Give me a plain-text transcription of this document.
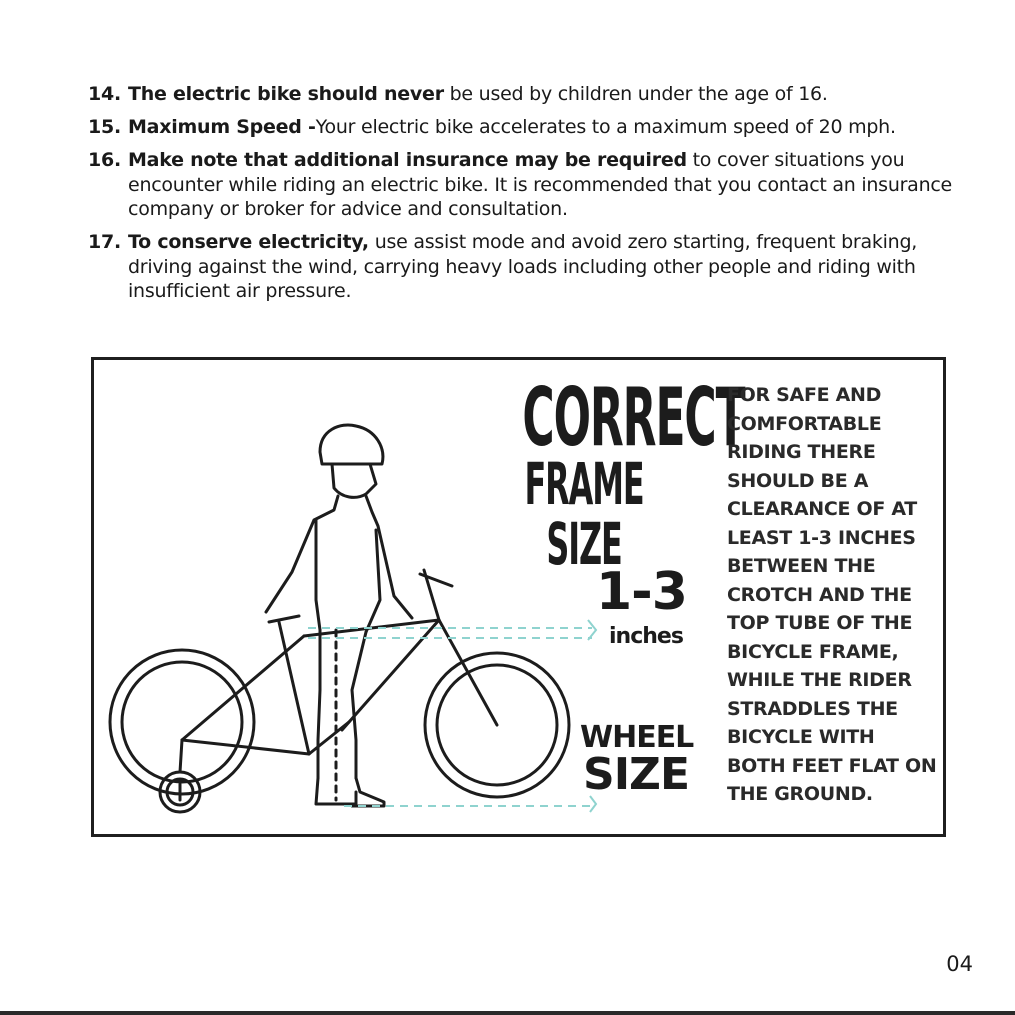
14. The electric bike should never be used by children under the age of 16.
15. Maximum Speed -Your electric bike accelerates to a maximum speed of 20 mph.
16. Make note that additional insurance may be required to cover situations you encounter while riding an electric bike. It is recommended that you contact an insurance company or broker for advice and consultation.
17. To conserve electricity, use assist mode and avoid zero starting, frequent braking, driving against the wind, carrying heavy loads including other people and riding with insufficient air pressure.
CORRECT
FRAME SIZE
1-3
inches
WHEEL
SIZE

FOR SAFE AND COMFORTABLE RIDING THERE SHOULD BE A CLEARANCE OF AT LEAST 1-3 INCHES BETWEEN THE CROTCH AND THE TOP TUBE OF THE BICYCLE FRAME, WHILE THE RIDER STRADDLES THE BICYCLE WITH BOTH FEET FLAT ON THE GROUND.

04
